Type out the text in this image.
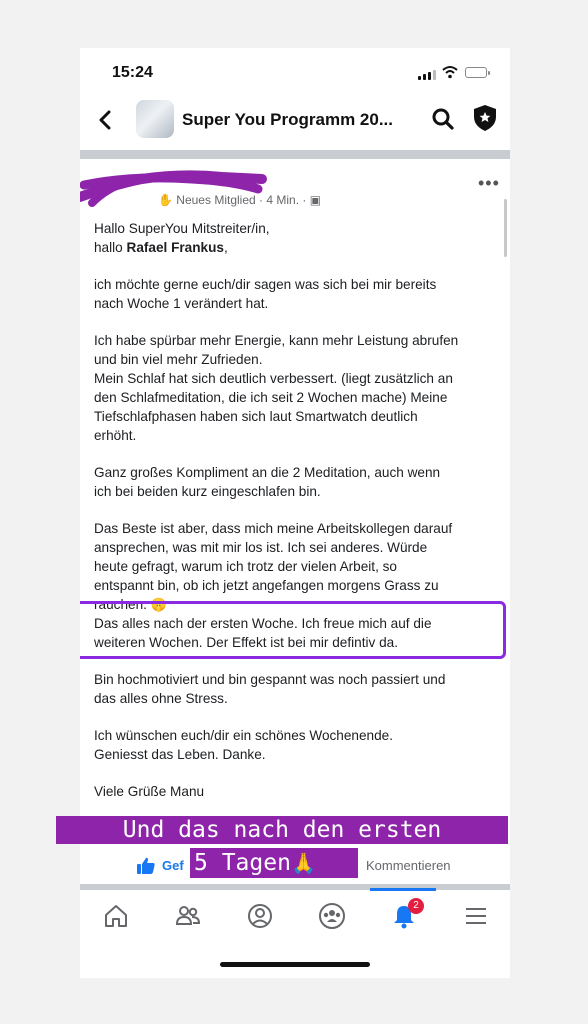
15:24
Super You Programm 20...
•••
✋ Neues Mitglied · 4 Min. · ▣

Hallo SuperYou Mitstreiter/in,

hallo Rafael Frankus,

ich möchte gerne euch/dir sagen was sich bei mir bereits
nach Woche 1 verändert hat.

Ich habe spürbar mehr Energie, kann mehr Leistung abrufen
und bin viel mehr Zufrieden.
Mein Schlaf hat sich deutlich verbessert. (liegt zusätzlich an
den Schlafmeditation, die ich seit 2 Wochen mache) Meine
Tiefschlafphasen haben sich laut Smartwatch deutlich
erhöht.

Ganz großes Kompliment an die 2 Meditation, auch wenn
ich bei beiden kurz eingeschlafen bin.

Das Beste ist aber, dass mich meine Arbeitskollegen darauf
ansprechen, was mit mir los ist. Ich sei anderes. Würde
heute gefragt, warum ich trotz der vielen Arbeit, so
entspannt bin, ob ich jetzt angefangen morgens Grass zu
rauchen. 🤫

Das alles nach der ersten Woche. Ich freue mich auf die
weiteren Wochen. Der Effekt ist bei mir defintiv da.

Bin hochmotiviert und bin gespannt was noch passiert und
das alles ohne Stress.

Ich wünschen euch/dir ein schönes Wochenende.
Geniesst das Leben. Danke.

Viele Grüße Manu

Gef	Kommentieren
2
Und das nach den ersten
5 Tagen🙏
